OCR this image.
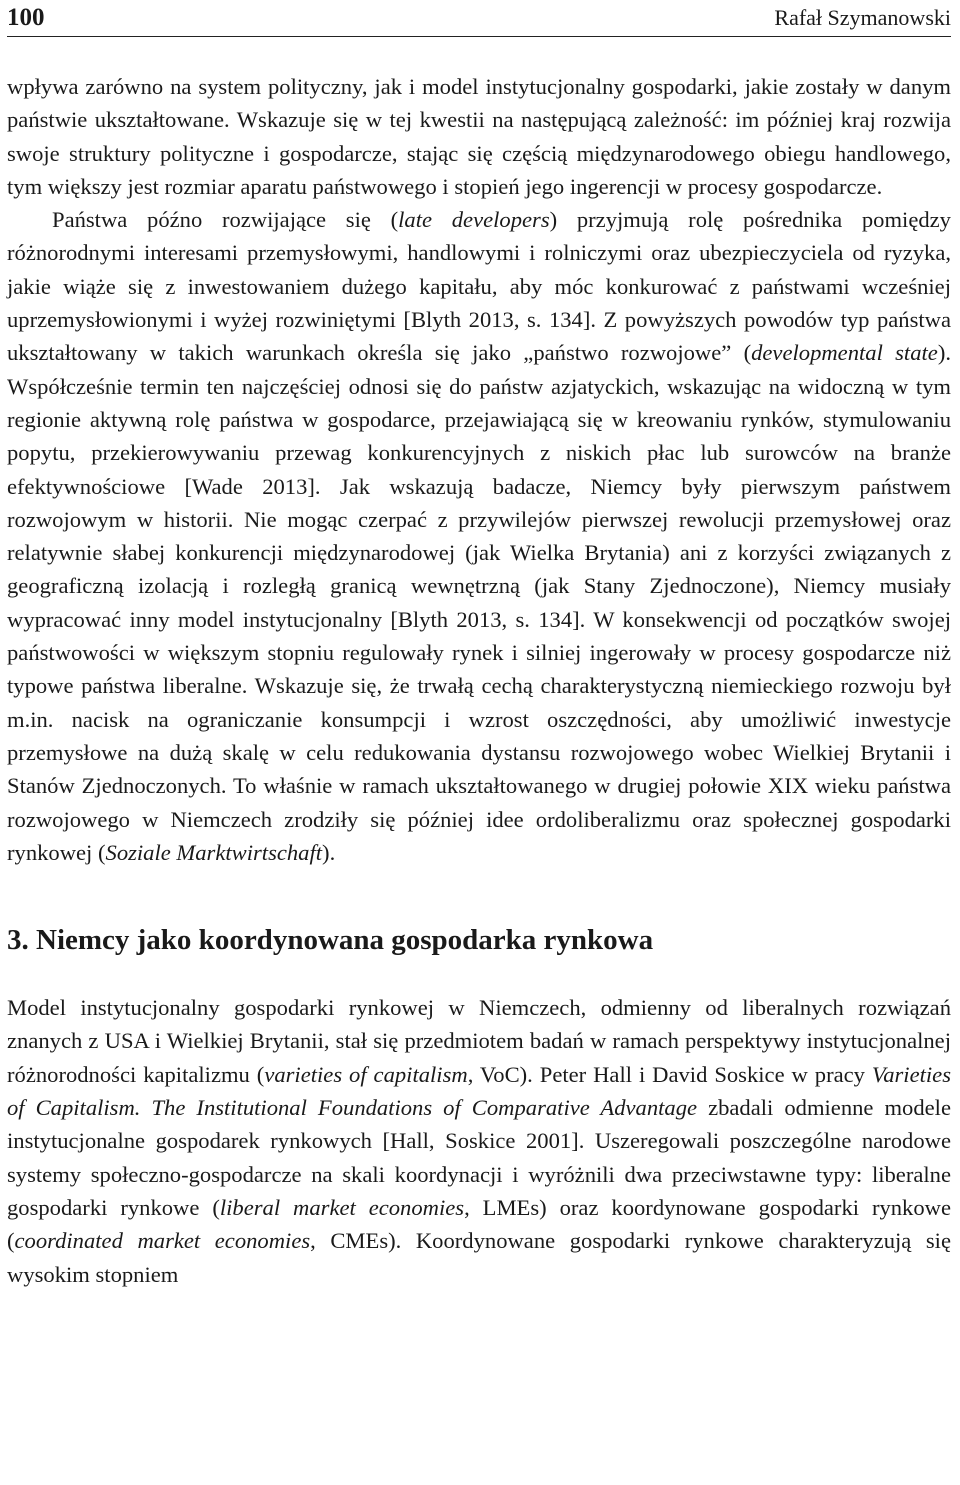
100	Rafał Szymanowski

wpływa zarówno na system polityczny, jak i model instytucjonalny gospodarki, jakie zostały w danym państwie ukształtowane. Wskazuje się w tej kwestii na następującą zależność: im później kraj rozwija swoje struktury polityczne i gospodarcze, stając się częścią międzynarodowego obiegu handlowego, tym większy jest rozmiar aparatu państwowego i stopień jego ingerencji w procesy gospodarcze.

Państwa późno rozwijające się (late developers) przyjmują rolę pośrednika pomiędzy różnorodnymi interesami przemysłowymi, handlowymi i rolniczymi oraz ubezpieczyciela od ryzyka, jakie wiąże się z inwestowaniem dużego kapitału, aby móc konkurować z państwami wcześniej uprzemysłowionymi i wyżej rozwiniętymi [Blyth 2013, s. 134]. Z powyższych powodów typ państwa ukształtowany w takich warunkach określa się jako „państwo rozwojowe” (developmental state). Współcześnie termin ten najczęściej odnosi się do państw azjatyckich, wskazując na widoczną w tym regionie aktywną rolę państwa w gospodarce, przejawiającą się w kreowaniu rynków, stymulowaniu popytu, przekierowywaniu przewag konkurencyjnych z niskich płac lub surowców na branże efektywnościowe [Wade 2013]. Jak wskazują badacze, Niemcy były pierwszym państwem rozwojowym w historii. Nie mogąc czerpać z przywilejów pierwszej rewolucji przemysłowej oraz relatywnie słabej konkurencji międzynarodowej (jak Wielka Brytania) ani z korzyści związanych z geograficzną izolacją i rozległą granicą wewnętrzną (jak Stany Zjednoczone), Niemcy musiały wypracować inny model instytucjonalny [Blyth 2013, s. 134]. W konsekwencji od początków swojej państwowości w większym stopniu regulowały rynek i silniej ingerowały w procesy gospodarcze niż typowe państwa liberalne. Wskazuje się, że trwałą cechą charakterystyczną niemieckiego rozwoju był m.in. nacisk na ograniczanie konsumpcji i wzrost oszczędności, aby umożliwić inwestycje przemysłowe na dużą skalę w celu redukowania dystansu rozwojowego wobec Wielkiej Brytanii i Stanów Zjednoczonych. To właśnie w ramach ukształtowanego w drugiej połowie XIX wieku państwa rozwojowego w Niemczech zrodziły się później idee ordoliberalizmu oraz społecznej gospodarki rynkowej (Soziale Marktwirtschaft).

3. Niemcy jako koordynowana gospodarka rynkowa

Model instytucjonalny gospodarki rynkowej w Niemczech, odmienny od liberalnych rozwiązań znanych z USA i Wielkiej Brytanii, stał się przedmiotem badań w ramach perspektywy instytucjonalnej różnorodności kapitalizmu (varieties of capitalism, VoC). Peter Hall i David Soskice w pracy Varieties of Capitalism. The Institutional Foundations of Comparative Advantage zbadali odmienne modele instytucjonalne gospodarek rynkowych [Hall, Soskice 2001]. Uszeregowali poszczególne narodowe systemy społeczno-gospodarcze na skali koordynacji i wyróżnili dwa przeciwstawne typy: liberalne gospodarki rynkowe (liberal market economies, LMEs) oraz koordynowane gospodarki rynkowe (coordinated market economies, CMEs). Koordynowane gospodarki rynkowe charakteryzują się wysokim stopniem
